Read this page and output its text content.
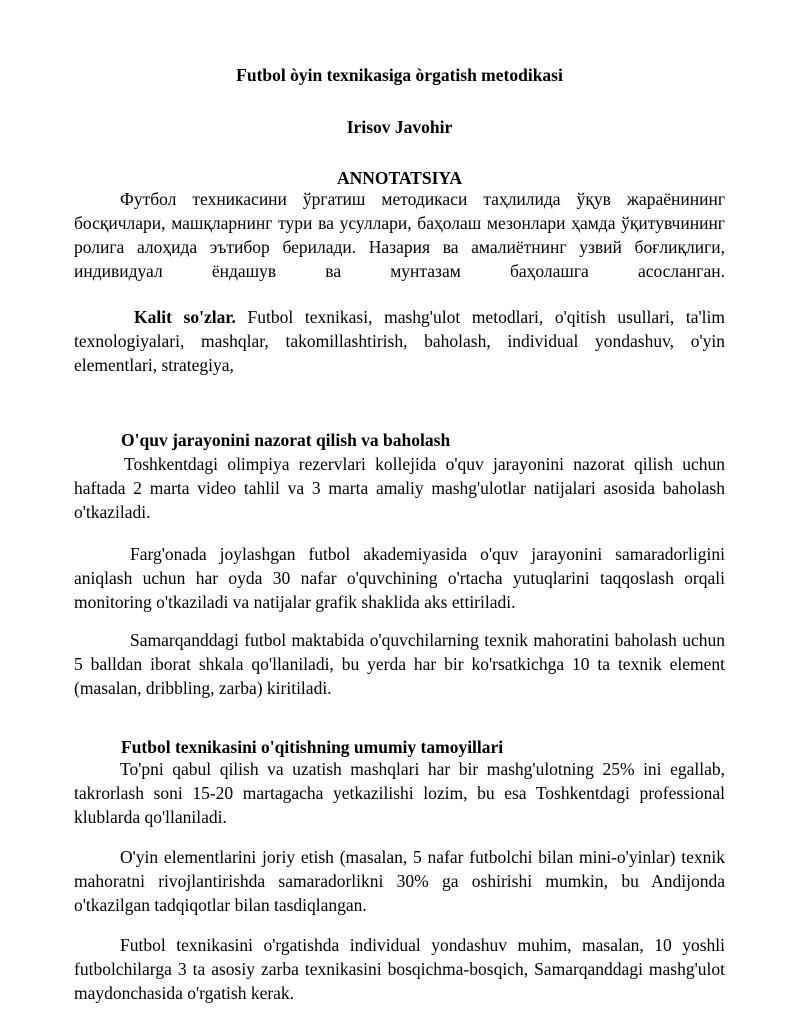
Futbol òyin texnikasiga òrgatish metodikasi

Irisov Javohir

ANNOTATSIYA

Футбол техникасини ўргатиш методикаси таҳлилида ўқув жараёнининг босқичлари, машқларнинг тури ва усуллари, баҳолаш мезонлари ҳамда ўқитувчининг ролига алоҳида эътибор берилади. Назария ва амалиётнинг узвий боғлиқлиги, индивидуал ёндашув ва мунтазам баҳолашга асосланган.

Kalit so'zlar. Futbol texnikasi, mashg'ulot metodlari, o'qitish usullari, ta'lim texnologiyalari, mashqlar, takomillashtirish, baholash, individual yondashuv, o'yin elementlari, strategiya,

O'quv jarayonini nazorat qilish va baholash

Toshkentdagi olimpiya rezervlari kollejida o'quv jarayonini nazorat qilish uchun haftada 2 marta video tahlil va 3 marta amaliy mashg'ulotlar natijalari asosida baholash o'tkaziladi.

Farg'onada joylashgan futbol akademiyasida o'quv jarayonini samaradorligini aniqlash uchun har oyda 30 nafar o'quvchining o'rtacha yutuqlarini taqqoslash orqali monitoring o'tkaziladi va natijalar grafik shaklida aks ettiriladi.

Samarqanddagi futbol maktabida o'quvchilarning texnik mahoratini baholash uchun 5 balldan iborat shkala qo'llaniladi, bu yerda har bir ko'rsatkichga 10 ta texnik element (masalan, dribbling, zarba) kiritiladi.

Futbol texnikasini o'qitishning umumiy tamoyillari

To'pni qabul qilish va uzatish mashqlari har bir mashg'ulotning 25% ini egallab, takrorlash soni 15-20 martagacha yetkazilishi lozim, bu esa Toshkentdagi professional klublarda qo'llaniladi.

O'yin elementlarini joriy etish (masalan, 5 nafar futbolchi bilan mini-o'yinlar) texnik mahoratni rivojlantirishda samaradorlikni 30% ga oshirishi mumkin, bu Andijonda o'tkazilgan tadqiqotlar bilan tasdiqlangan.

Futbol texnikasini o'rgatishda individual yondashuv muhim, masalan, 10 yoshli futbolchilarga 3 ta asosiy zarba texnikasini bosqichma-bosqich, Samarqanddagi mashg'ulot maydonchasida o'rgatish kerak.
